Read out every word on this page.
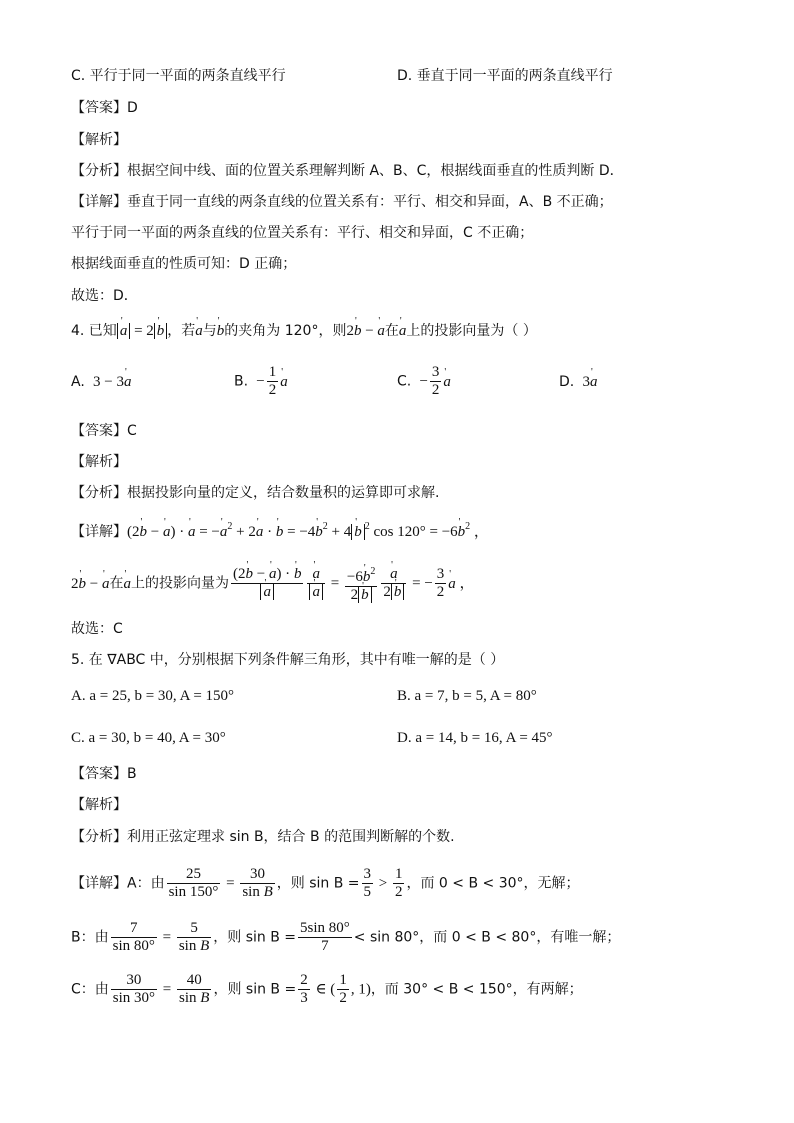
C. 平行于同一平面的两条直线平行	D. 垂直于同一平面的两条直线平行
【答案】D
【解析】
【分析】根据空间中线、面的位置关系理解判断 A、B、C，根据线面垂直的性质判断 D．
【详解】垂直于同一直线的两条直线的位置关系有：平行、相交和异面，A、B 不正确；
平行于同一平面的两条直线的位置关系有：平行、相交和异面，C 不正确；
根据线面垂直的性质可知：D 正确；
故选：D．
4. 已知' a = 2' b ，若' a与' b的夹角为 120°，则2' b − ' a在' a上的投影向量为（ ）
A.  3 − 3' a	B.  − $\frac{1}{2}$
' a	C.  − $\frac{3}{2}$
' a	D.  3' a
【答案】C
【解析】
【分析】根据投影向量的定义，结合数量积的运算即可求解.
【详解】(2' b − ' a) · ' a = −' $a^2 + 2'$ a · ' b = −4' $b^2 + 4'$ b $^2$ cos 120° = −6' $b^2$ ，
2' b − ' a在' a上的投影向量为 (2' b − ' a) · ' b
' a
' a
' $a = \frac{-6' b^2}{2' b}$
' $\frac{a}{2' b}$ = − $\frac{3}{2}$
' a ，
故选：C
5. 在 ∇ABC 中，分别根据下列条件解三角形，其中有唯一解的是（ ）
A. a = 25, b = 30, A = 150°	B. a = 7, b = 5, A = 80°
C. a = 30, b = 40, A = 30°	D. a = 14, b = 16, A = 45°
【答案】B
【解析】
【分析】利用正弦定理求 sin B，结合 B 的范围判断解的个数.
【详解】A：由 $\frac{25}{\sin 150^\circ} = \frac{30}{\text{sin B}}$ ，则 $\sin B = \frac{3}{5} > \frac{1}{2}$ ，而 0 < B < 30°，无解；
B：由 $\frac{7}{\sin 80^\circ} = \frac{5}{\text{sin B}}$ ，则 $\sin B = \frac{5\sin 80^\circ}{7} < \sin 80^\circ$，而 0 < B < 80°，有唯一解；
C：由 $\frac{30}{\sin 30^\circ} = \frac{40}{\text{sin B}}$ ，则 $\sin B = \frac{2}{3}$ ∈ ( $\frac{1}{2}$ , 1)，而 30° < B < 150°，有两解；
